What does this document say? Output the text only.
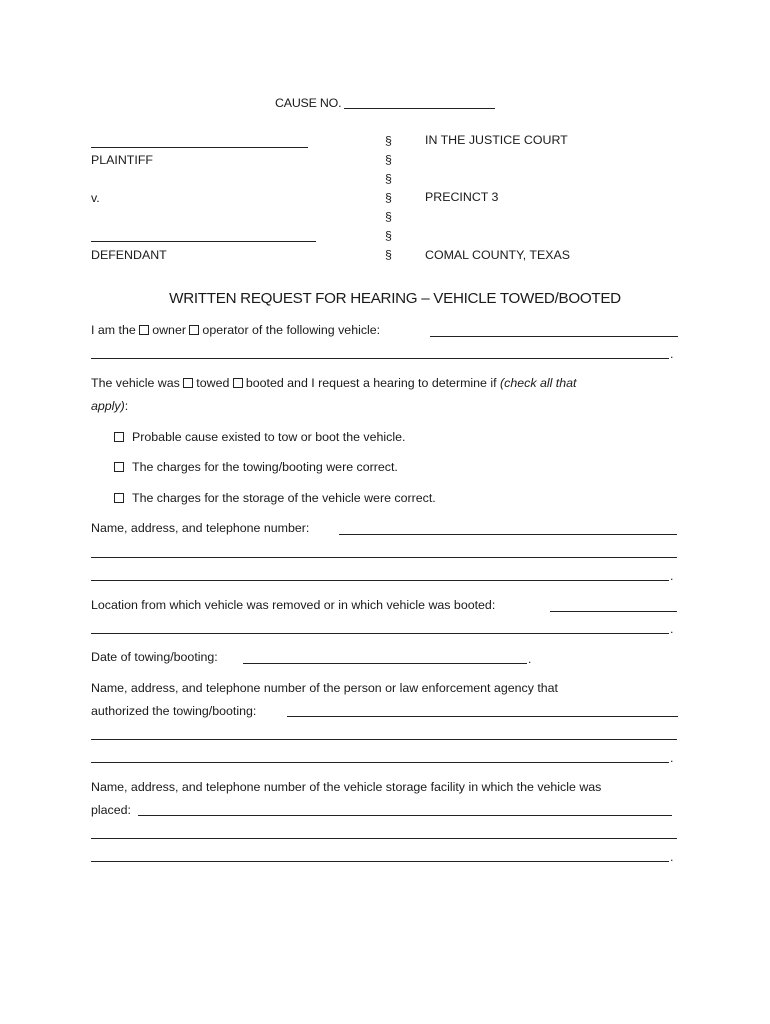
CAUSE NO.
PLAINTIFF
v.
DEFENDANT
§
§
§
§
§
§
§
IN THE JUSTICE COURT
PRECINCT 3
COMAL COUNTY, TEXAS
WRITTEN REQUEST FOR HEARING – VEHICLE TOWED/BOOTED
I am the owner operator of the following vehicle:
.
The vehicle was towed booted and I request a hearing to determine if (check all that
apply):
Probable cause existed to tow or boot the vehicle.
The charges for the towing/booting were correct.
The charges for the storage of the vehicle were correct.
Name, address, and telephone number:
.
Location from which vehicle was removed or in which vehicle was booted:
.
Date of towing/booting:	.
Name, address, and telephone number of the person or law enforcement agency that
authorized the towing/booting:
.
Name, address, and telephone number of the vehicle storage facility in which the vehicle was
placed:
.
